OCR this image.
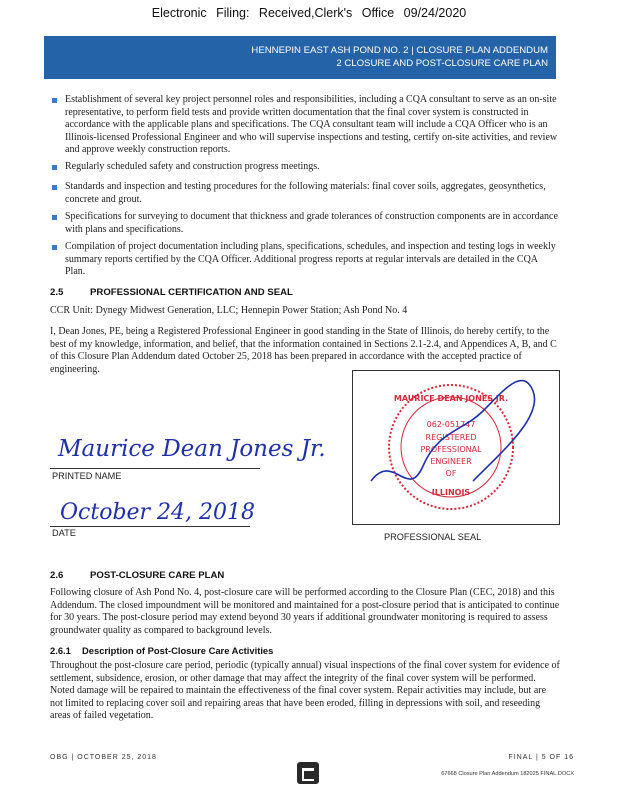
Electronic Filing: Received,Clerk's Office 09/24/2020
HENNEPIN EAST ASH POND NO. 2 | CLOSURE PLAN ADDENDUM
2 CLOSURE AND POST-CLOSURE CARE PLAN
Establishment of several key project personnel roles and responsibilities, including a CQA consultant to serve as an on-site representative, to perform field tests and provide written documentation that the final cover system is constructed in accordance with the applicable plans and specifications. The CQA consultant team will include a CQA Officer who is an Illinois-licensed Professional Engineer and who will supervise inspections and testing, certify on-site activities, and review and approve weekly construction reports.
Regularly scheduled safety and construction progress meetings.
Standards and inspection and testing procedures for the following materials: final cover soils, aggregates, geosynthetics, concrete and grout.
Specifications for surveying to document that thickness and grade tolerances of construction components are in accordance with plans and specifications.
Compilation of project documentation including plans, specifications, schedules, and inspection and testing logs in weekly summary reports certified by the CQA Officer. Additional progress reports at regular intervals are detailed in the CQA Plan.
2.5	PROFESSIONAL CERTIFICATION AND SEAL

CCR Unit: Dynegy Midwest Generation, LLC; Hennepin Power Station; Ash Pond No. 4

I, Dean Jones, PE, being a Registered Professional Engineer in good standing in the State of Illinois, do hereby certify, to the best of my knowledge, information, and belief, that the information contained in Sections 2.1-2.4, and Appendices A, B, and C of this Closure Plan Addendum dated October 25, 2018 has been prepared in accordance with the accepted practice of engineering.

Maurice Dean Jones Jr.
PRINTED NAME
October 24, 2018
DATE
MAURICE DEAN JONES JR.
062-051747
REGISTERED
PROFESSIONAL
ENGINEER
OF
ILLINOIS
PROFESSIONAL SEAL
2.6	POST-CLOSURE CARE PLAN

Following closure of Ash Pond No. 4, post-closure care will be performed according to the Closure Plan (CEC, 2018) and this Addendum. The closed impoundment will be monitored and maintained for a post-closure period that is anticipated to continue for 30 years. The post-closure period may extend beyond 30 years if additional groundwater monitoring is required to assess groundwater quality as compared to background levels.

2.6.1 Description of Post-Closure Care Activities

Throughout the post-closure care period, periodic (typically annual) visual inspections of the final cover system for evidence of settlement, subsidence, erosion, or other damage that may affect the integrity of the final cover system will be performed. Noted damage will be repaired to maintain the effectiveness of the final cover system. Repair activities may include, but are not limited to replacing cover soil and repairing areas that have been eroded, filling in depressions with soil, and reseeding areas of failed vegetation.

OBG | OCTOBER 25, 2018	FINAL | 5 OF 16
67668 Closure Plan Addendum 182025 FINAL.DOCX
